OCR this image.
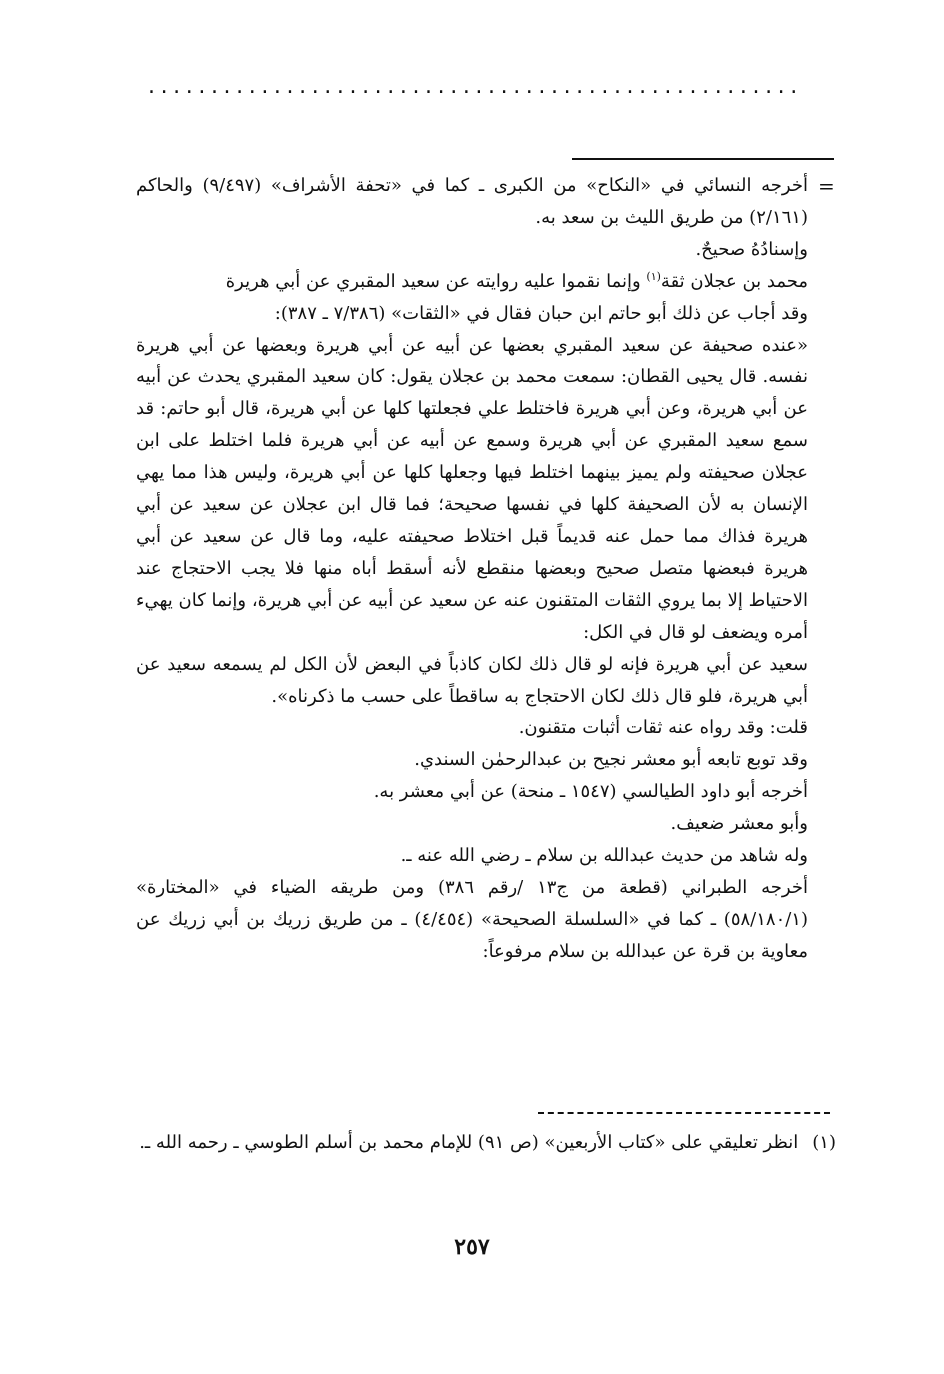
....................................................
=

أخرجه النسائي في «النكاح» من الكبرى ـ كما في «تحفة الأشراف» (٩/٤٩٧) والحاكم (٢/١٦١) من طريق الليث بن سعد به.

وإسنادُهُ صحيحٌ.

محمد بن عجلان ثقة$^{(١)}$ وإنما نقموا عليه روايته عن سعيد المقبري عن أبي هريرة

وقد أجاب عن ذلك أبو حاتم ابن حبان فقال في «الثقات» (٧/٣٨٦ ـ ٣٨٧):

«عنده صحيفة عن سعيد المقبري بعضها عن أبيه عن أبي هريرة وبعضها عن أبي هريرة نفسه. قال يحيى القطان: سمعت محمد بن عجلان يقول: كان سعيد المقبري يحدث عن أبيه عن أبي هريرة، وعن أبي هريرة فاختلط علي فجعلتها كلها عن أبي هريرة، قال أبو حاتم: قد سمع سعيد المقبري عن أبي هريرة وسمع عن أبيه عن أبي هريرة فلما اختلط على ابن عجلان صحيفته ولم يميز بينهما اختلط فيها وجعلها كلها عن أبي هريرة، وليس هذا مما يهي الإنسان به لأن الصحيفة كلها في نفسها صحيحة؛ فما قال ابن عجلان عن سعيد عن أبي هريرة فذاك مما حمل عنه قديماً قبل اختلاط صحيفته عليه، وما قال عن سعيد عن أبي هريرة فبعضها متصل صحيح وبعضها منقطع لأنه أسقط أباه منها فلا يجب الاحتجاج عند الاحتياط إلا بما يروي الثقات المتقنون عنه عن سعيد عن أبيه عن أبي هريرة، وإنما كان يهيء أمره ويضعف لو قال في الكل:

سعيد عن أبي هريرة فإنه لو قال ذلك لكان كاذباً في البعض لأن الكل لم يسمعه سعيد عن أبي هريرة، فلو قال ذلك لكان الاحتجاج به ساقطاً على حسب ما ذكرناه».

قلت: وقد رواه عنه ثقات أثبات متقنون.

وقد توبع تابعه أبو معشر نجيح بن عبدالرحمٰن السندي.

أخرجه أبو داود الطيالسي (١٥٤٧ ـ منحة) عن أبي معشر به.

وأبو معشر ضعيف.

وله شاهد من حديث عبدالله بن سلام ـ رضي الله عنه ـ.

أخرجه الطبراني (قطعة من ج١٣ /رقم ٣٨٦) ومن طريقه الضياء في «المختارة» (٥٨/١٨٠/١) ـ كما في «السلسلة الصحيحة» (٤/٤٥٤) ـ من طريق زريك بن أبي زريك عن معاوية بن قرة عن عبدالله بن سلام مرفوعاً:

(١)انظر تعليقي على «كتاب الأربعين» (ص ٩١) للإمام محمد بن أسلم الطوسي ـ رحمه الله ـ.
٢٥٧
